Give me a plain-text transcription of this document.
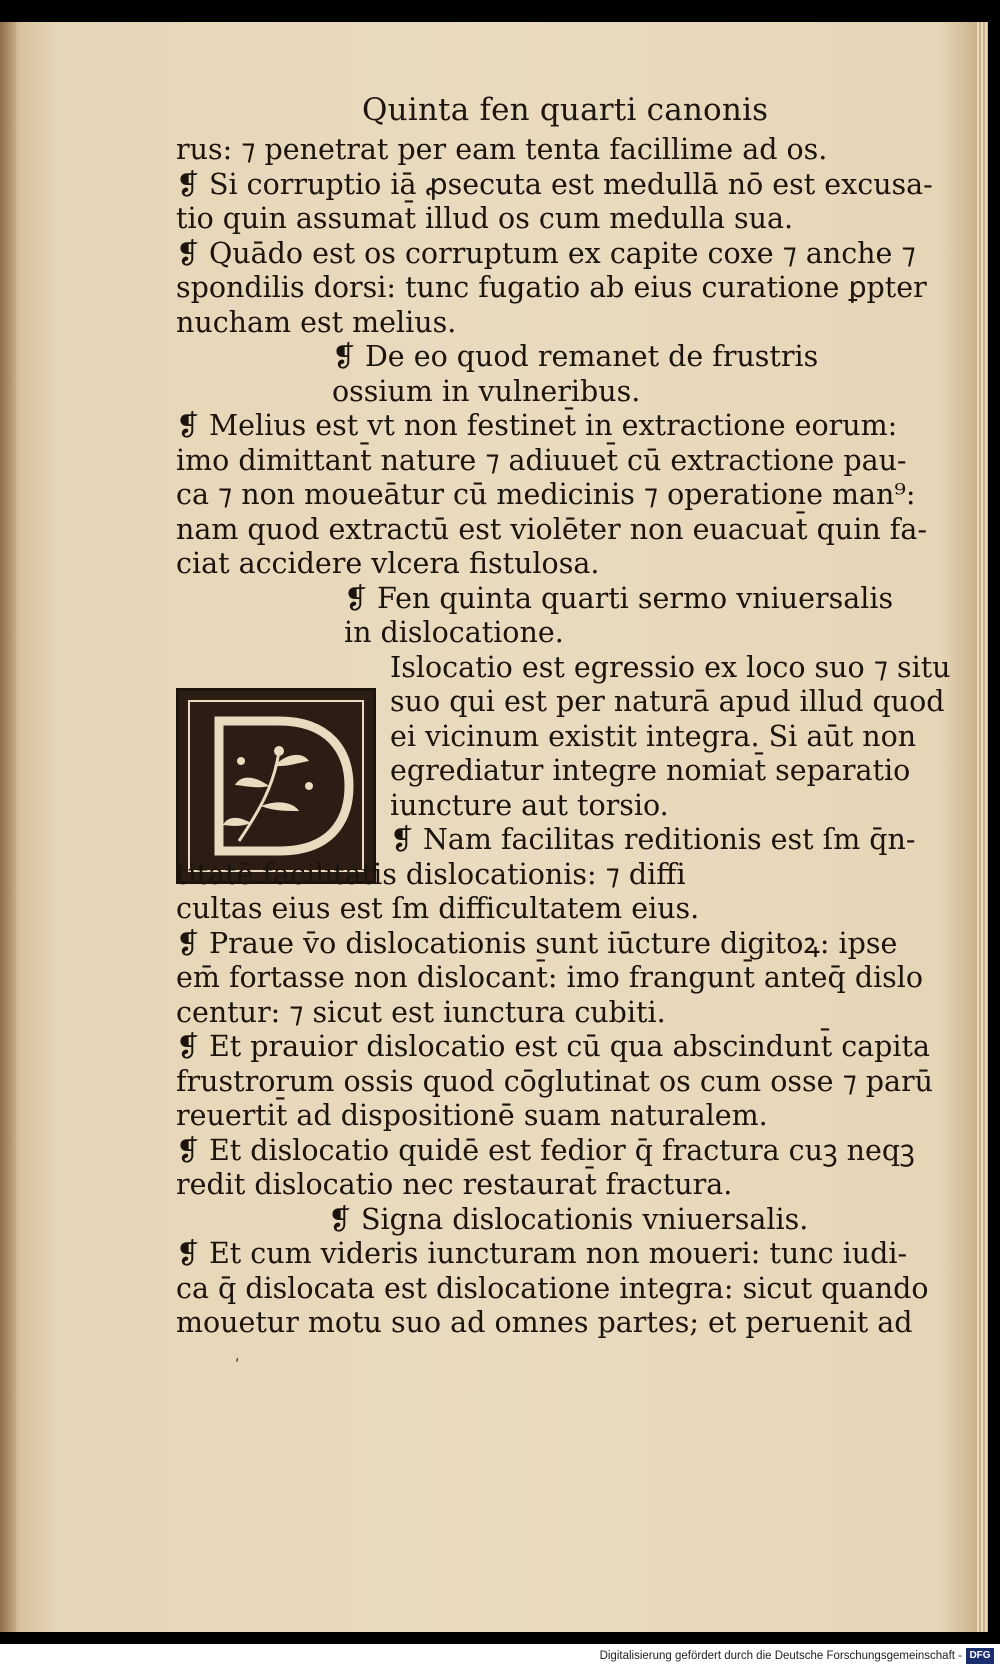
Quinta fen quarti canonis
rus: ⁊ penetrat per eam tenta facillime ad os.
❡ Si corruptio iā ꝓsecuta est medullā nō est excusa-
tio quin assumat̄ illud os cum medulla sua.
❡ Quādo est os corruptum ex capite coxe ⁊ anche ⁊
spondilis dorsi: tunc fugatio ab eius curatione ꝑpter
nucham est melius.
❡ De eo quod remanet de frustris
ossium in vulneribus.
❡ Melius est vt non festinet̄ in extractione eorum:
imo dimittant̄ nature ⁊ adiuuet̄ cū extractione pau-
ca ⁊ non moueātur cū medicinis ⁊ operatione man⁹:
nam quod extractū est violēter non euacuat̄ quin fa-
ciat accidere vlcera fistulosa.
❡ Fen quinta quarti sermo vniuersalis
in dislocatione.
Islocatio est egressio ex loco suo ⁊ situ
suo qui est per naturā apud illud quod
ei vicinum existit integra. Si aūt non
egrediatur integre nomiat̄ separatio
iuncture aut torsio.
❡ Nam facilitas reditionis est ſm q̄n-
titatē facilitatis dislocationis: ⁊ diffi
cultas eius est ſm difficultatem eius.
❡ Praue v̄o dislocationis sunt iūcture digitoꝝ: ipse
em̄ fortasse non dislocant̄: imo frangunt̄ anteq̄ dislo
centur: ⁊ sicut est iunctura cubiti.
❡ Et prauior dislocatio est cū qua abscindunt̄ capita
frustrorum ossis quod cōglutinat os cum osse ⁊ parū
reuertit̄ ad dispositionē suam naturalem.
❡ Et dislocatio quidē est fedior q̄ fractura cuꝫ neqꝫ
redit dislocatio nec restaurat̄ fractura.
❡ Signa dislocationis vniuersalis.
❡ Et cum videris iuncturam non moueri: tunc iudi-
ca q̄ dislocata est dislocatione integra: sicut quando
mouetur motu suo ad omnes partes; et peruenit ad
ʹ
Digitalisierung gefördert durch die Deutsche Forschungsgemeinschaft - DFG
